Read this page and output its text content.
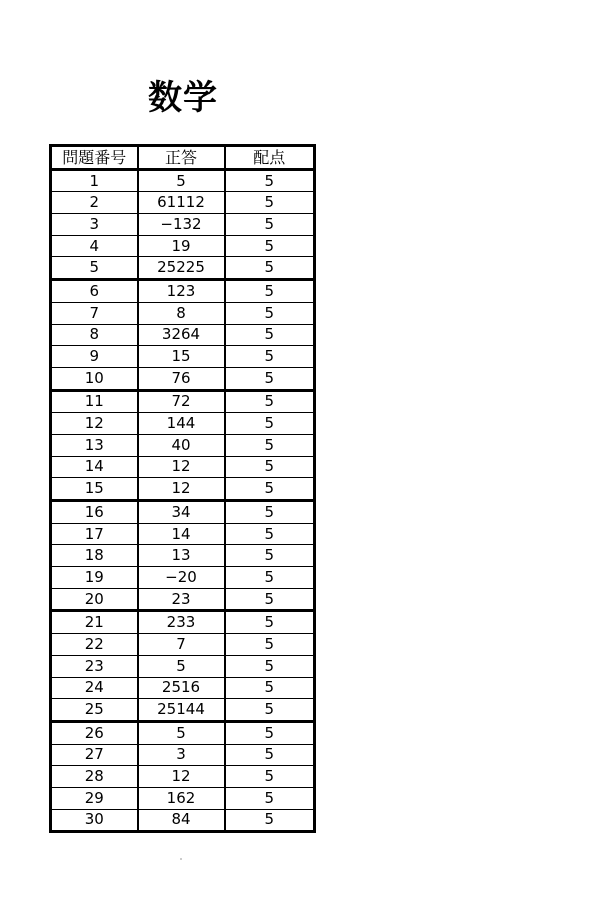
数学
問題番号	正答	配点
1	5	5
2	61112	5
3	−132	5
4	19	5
5	25225	5
6	123	5
7	8	5
8	3264	5
9	15	5
10	76	5
11	72	5
12	144	5
13	40	5
14	12	5
15	12	5
16	34	5
17	14	5
18	13	5
19	−20	5
20	23	5
21	233	5
22	7	5
23	5	5
24	2516	5
25	25144	5
26	5	5
27	3	5
28	12	5
29	162	5
30	84	5
